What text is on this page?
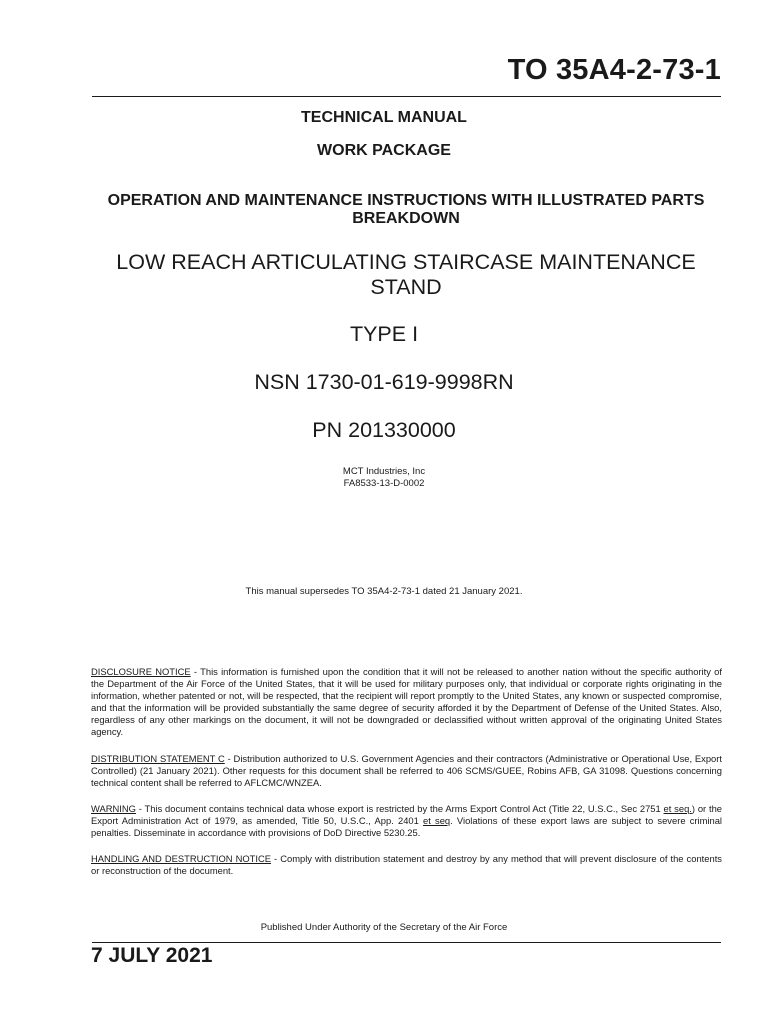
TO 35A4-2-73-1
TECHNICAL MANUAL
WORK PACKAGE
OPERATION AND MAINTENANCE INSTRUCTIONS WITH ILLUSTRATED PARTS BREAKDOWN
LOW REACH ARTICULATING STAIRCASE MAINTENANCE STAND
TYPE I
NSN 1730-01-619-9998RN
PN 201330000
MCT Industries, Inc
FA8533-13-D-0002
This manual supersedes TO 35A4-2-73-1 dated 21 January 2021.
DISCLOSURE NOTICE - This information is furnished upon the condition that it will not be released to another nation without the specific authority of the Department of the Air Force of the United States, that it will be used for military purposes only, that individual or corporate rights originating in the information, whether patented or not, will be respected, that the recipient will report promptly to the United States, any known or suspected compromise, and that the information will be provided substantially the same degree of security afforded it by the Department of Defense of the United States. Also, regardless of any other markings on the document, it will not be downgraded or declassified without written approval of the originating United States agency.
DISTRIBUTION STATEMENT C - Distribution authorized to U.S. Government Agencies and their contractors (Administrative or Operational Use, Export Controlled) (21 January 2021). Other requests for this document shall be referred to 406 SCMS/GUEE, Robins AFB, GA 31098. Questions concerning technical content shall be referred to AFLCMC/WNZEA.
WARNING - This document contains technical data whose export is restricted by the Arms Export Control Act (Title 22, U.S.C., Sec 2751 et seq.) or the Export Administration Act of 1979, as amended, Title 50, U.S.C., App. 2401 et seq. Violations of these export laws are subject to severe criminal penalties. Disseminate in accordance with provisions of DoD Directive 5230.25.
HANDLING AND DESTRUCTION NOTICE - Comply with distribution statement and destroy by any method that will prevent disclosure of the contents or reconstruction of the document.
Published Under Authority of the Secretary of the Air Force
7 JULY 2021
